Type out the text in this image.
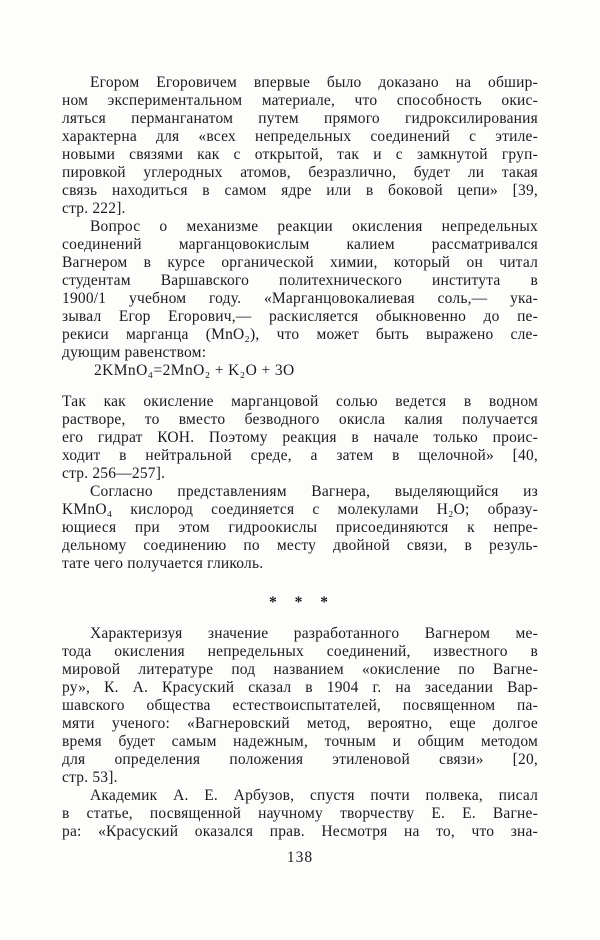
Егором Егоровичем впервые было доказано на обшир-
ном экспериментальном материале, что способность окис-
ляться перманганатом путем прямого гидроксилирования
характерна для «всех непредельных соединений с этиле-
новыми связями как с открытой, так и с замкнутой груп-
пировкой углеродных атомов, безразлично, будет ли такая
связь находиться в самом ядре или в боковой цепи» [39,
стр. 222].

Вопрос о механизме реакции окисления непредельных
соединений марганцовокислым калием рассматривался
Вагнером в курсе органической химии, который он читал
студентам Варшавского политехнического института в
1900/1 учебном году. «Марганцовокалиевая соль,— ука-
зывал Егор Егорович,— раскисляется обыкновенно до пе-
рекиси марганца (MnO₂), что может быть выражено сле-
дующим равенством:

2KMnO₄=2MnO₂ + K₂O + 3O

Так как окисление марганцовой солью ведется в водном
растворе, то вместо безводного окисла калия получается
его гидрат КОН. Поэтому реакция в начале только проис-
ходит в нейтральной среде, а затем в щелочной» [40,
стр. 256—257].

Согласно представлениям Вагнера, выделяющийся из
KMnO₄ кислород соединяется с молекулами H₂O; образу-
ющиеся при этом гидроокислы присоединяются к непре-
дельному соединению по месту двойной связи, в резуль-
тате чего получается гликоль.

* * *

Характеризуя значение разработанного Вагнером ме-
тода окисления непредельных соединений, известного в
мировой литературе под названием «окисление по Вагне-
ру», К. А. Красуский сказал в 1904 г. на заседании Вар-
шавского общества естествоиспытателей, посвященном па-
мяти ученого: «Вагнеровский метод, вероятно, еще долгое
время будет самым надежным, точным и общим методом
для определения положения этиленовой связи» [20,
стр. 53].

Академик А. Е. Арбузов, спустя почти полвека, писал
в статье, посвященной научному творчеству Е. Е. Вагне-
ра: «Красуский оказался прав. Несмотря на то, что зна-

138
